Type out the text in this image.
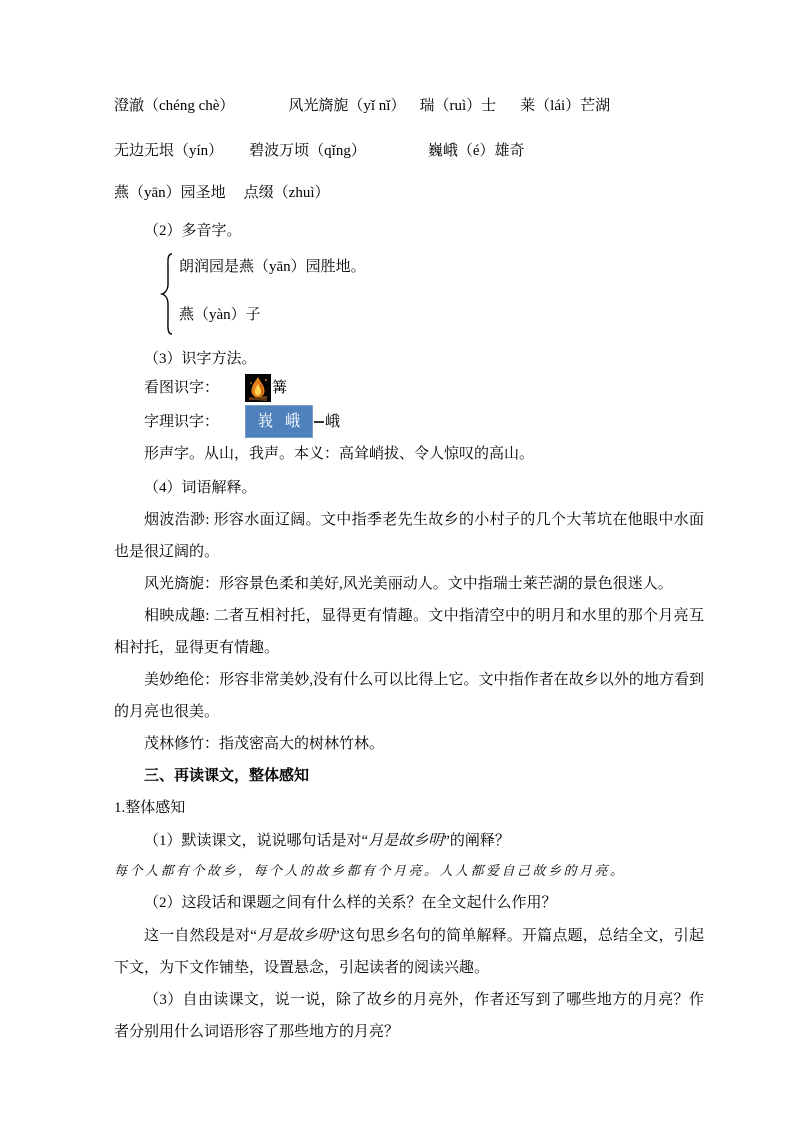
澄澈（chéng chè）	风光旖旎（yǐ nǐ） 瑞（ruì）士 莱（lái）芒湖
无边无垠（yín） 碧波万顷（qǐng）	巍峨（é）雄奇
燕（yān）园圣地 点缀（zhuì）

（2）多音字。

朗润园是燕（yān）园胜地。
燕（yàn）子

（3）识字方法。

看图识字：	篝
字理识字：	峩 峨 峨

形声字。从山，我声。本义：高耸峭拔、令人惊叹的高山。

（4）词语解释。

烟波浩渺: 形容水面辽阔。文中指季老先生故乡的小村子的几个大苇坑在他眼中水面也是很辽阔的。

风光旖旎：形容景色柔和美好,风光美丽动人。文中指瑞士莱芒湖的景色很迷人。

相映成趣: 二者互相衬托，显得更有情趣。文中指清空中的明月和水里的那个月亮互相衬托，显得更有情趣。

美妙绝伦：形容非常美妙,没有什么可以比得上它。文中指作者在故乡以外的地方看到的月亮也很美。

茂林修竹：指茂密高大的树林竹林。

三、再读课文，整体感知

1.整体感知

（1）默读课文，说说哪句话是对“月是故乡明”的阐释？

每个人都有个故乡，每个人的故乡都有个月亮。人人都爱自己故乡的月亮。

（2）这段话和课题之间有什么样的关系？在全文起什么作用？

这一自然段是对“月是故乡明”这句思乡名句的简单解释。开篇点题，总结全文，引起下文，为下文作铺垫，设置悬念，引起读者的阅读兴趣。

（3）自由读课文，说一说，除了故乡的月亮外，作者还写到了哪些地方的月亮？作者分别用什么词语形容了那些地方的月亮？
